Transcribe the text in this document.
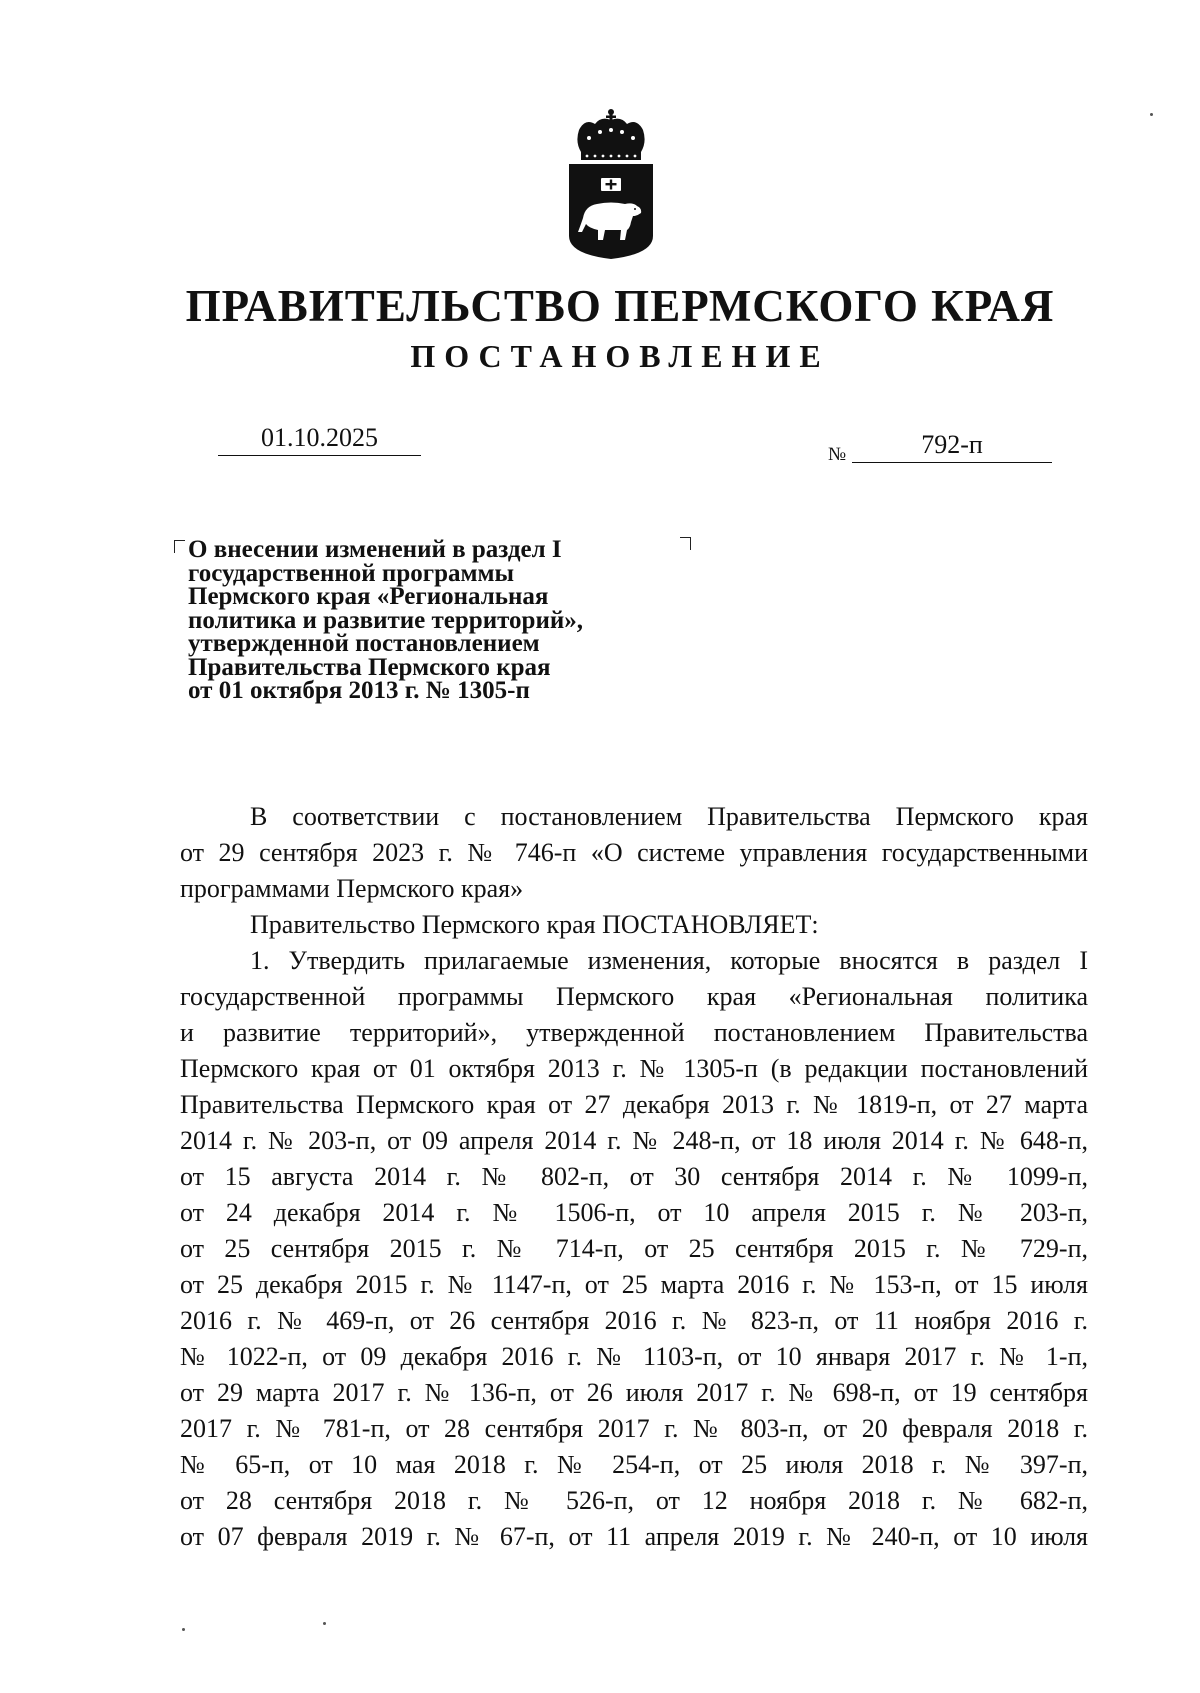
ПРАВИТЕЛЬСТВО ПЕРМСКОГО КРАЯ
ПОСТАНОВЛЕНИЕ
01.10.2025
№	792-п
О внесении изменений в раздел I
государственной программы
Пермского края «Региональная
политика и развитие территорий»,
утвержденной постановлением
Правительства Пермского края
от 01 октября 2013 г. № 1305-п
В соответствии с постановлением Правительства Пермского края
от 29 сентября 2023 г. № 746-п «О системе управления государственными
программами Пермского края»
Правительство Пермского края ПОСТАНОВЛЯЕТ:
1. Утвердить прилагаемые изменения, которые вносятся в раздел I
государственной программы Пермского края «Региональная политика
и развитие территорий», утвержденной постановлением Правительства
Пермского края от 01 октября 2013 г. № 1305-п (в редакции постановлений
Правительства Пермского края от 27 декабря 2013 г. № 1819-п, от 27 марта
2014 г. № 203-п, от 09 апреля 2014 г. № 248-п, от 18 июля 2014 г. № 648-п,
от 15 августа 2014 г. № 802-п, от 30 сентября 2014 г. № 1099-п,
от 24 декабря 2014 г. № 1506-п, от 10 апреля 2015 г. № 203-п,
от 25 сентября 2015 г. № 714-п, от 25 сентября 2015 г. № 729-п,
от 25 декабря 2015 г. № 1147-п, от 25 марта 2016 г. № 153-п, от 15 июля
2016 г. № 469-п, от 26 сентября 2016 г. № 823-п, от 11 ноября 2016 г.
№ 1022-п, от 09 декабря 2016 г. № 1103-п, от 10 января 2017 г. № 1-п,
от 29 марта 2017 г. № 136-п, от 26 июля 2017 г. № 698-п, от 19 сентября
2017 г. № 781-п, от 28 сентября 2017 г. № 803-п, от 20 февраля 2018 г.
№ 65-п, от 10 мая 2018 г. № 254-п, от 25 июля 2018 г. № 397-п,
от 28 сентября 2018 г. № 526-п, от 12 ноября 2018 г. № 682-п,
от 07 февраля 2019 г. № 67-п, от 11 апреля 2019 г. № 240-п, от 10 июля
